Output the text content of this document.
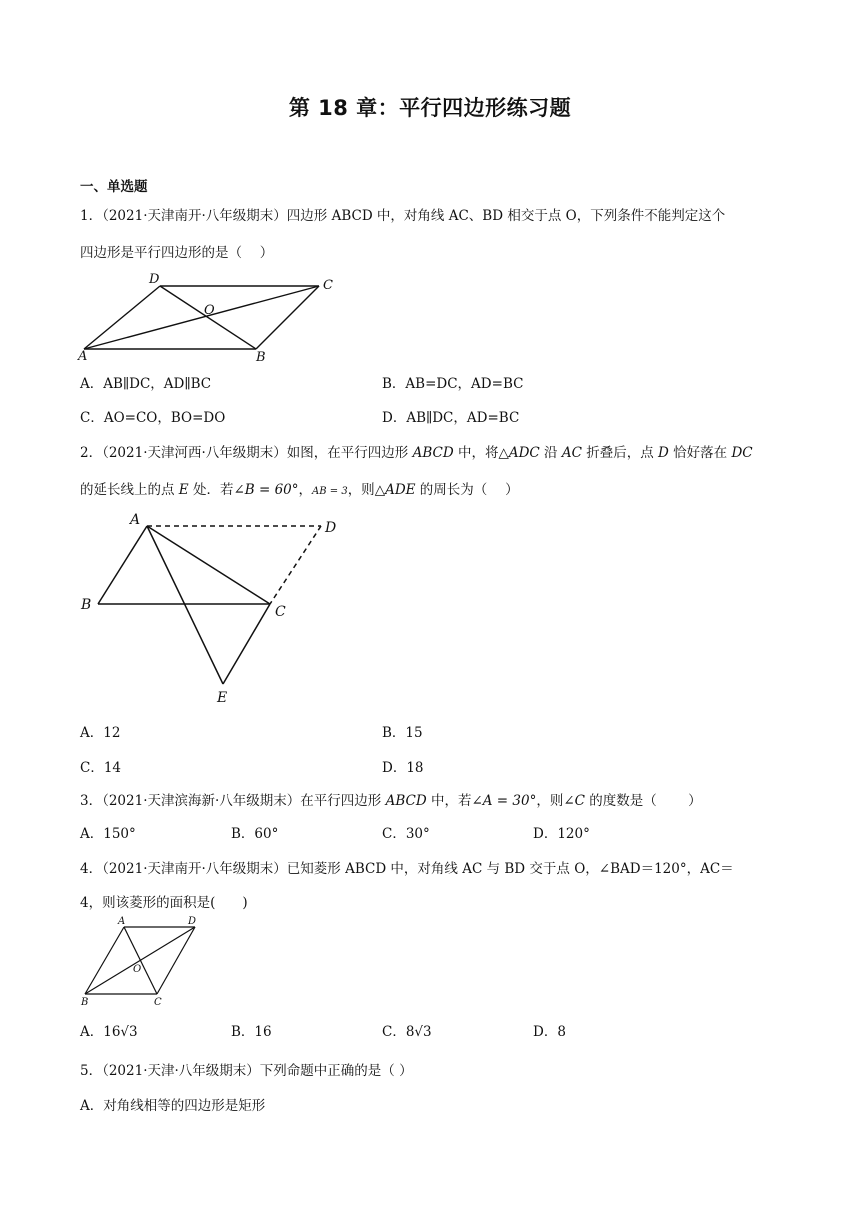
第 18 章：平行四边形练习题
一、单选题
1．（2021·天津南开·八年级期末）四边形 ABCD 中，对角线 AC、BD 相交于点 O，下列条件不能判定这个
四边形是平行四边形的是（　 ）
D	C
O
A	B
A．AB∥DC，AD∥BC	B．AB=DC，AD=BC
C．AO=CO，BO=DO	D．AB∥DC，AD=BC
2．（2021·天津河西·八年级期末）如图，在平行四边形 ABCD 中，将△ADC 沿 AC 折叠后，点 D 恰好落在 DC
的延长线上的点 E 处．若∠B = 60°，AB = 3，则△ADE 的周长为（　 ）
A	D
B	C
E
A．12	B．15
C．14	D．18
3．（2021·天津滨海新·八年级期末）在平行四边形 ABCD 中，若∠A = 30°，则∠C 的度数是（　　 ）
A．150°	B．60°	C．30°	D．120°
4．（2021·天津南开·八年级期末）已知菱形 ABCD 中，对角线 AC 与 BD 交于点 O，∠BAD＝120°，AC＝
4，则该菱形的面积是(　　)
A	D
O
B	C
A．16√3	B．16	C．8√3	D．8
5．（2021·天津·八年级期末）下列命题中正确的是（ ）
A．对角线相等的四边形是矩形
